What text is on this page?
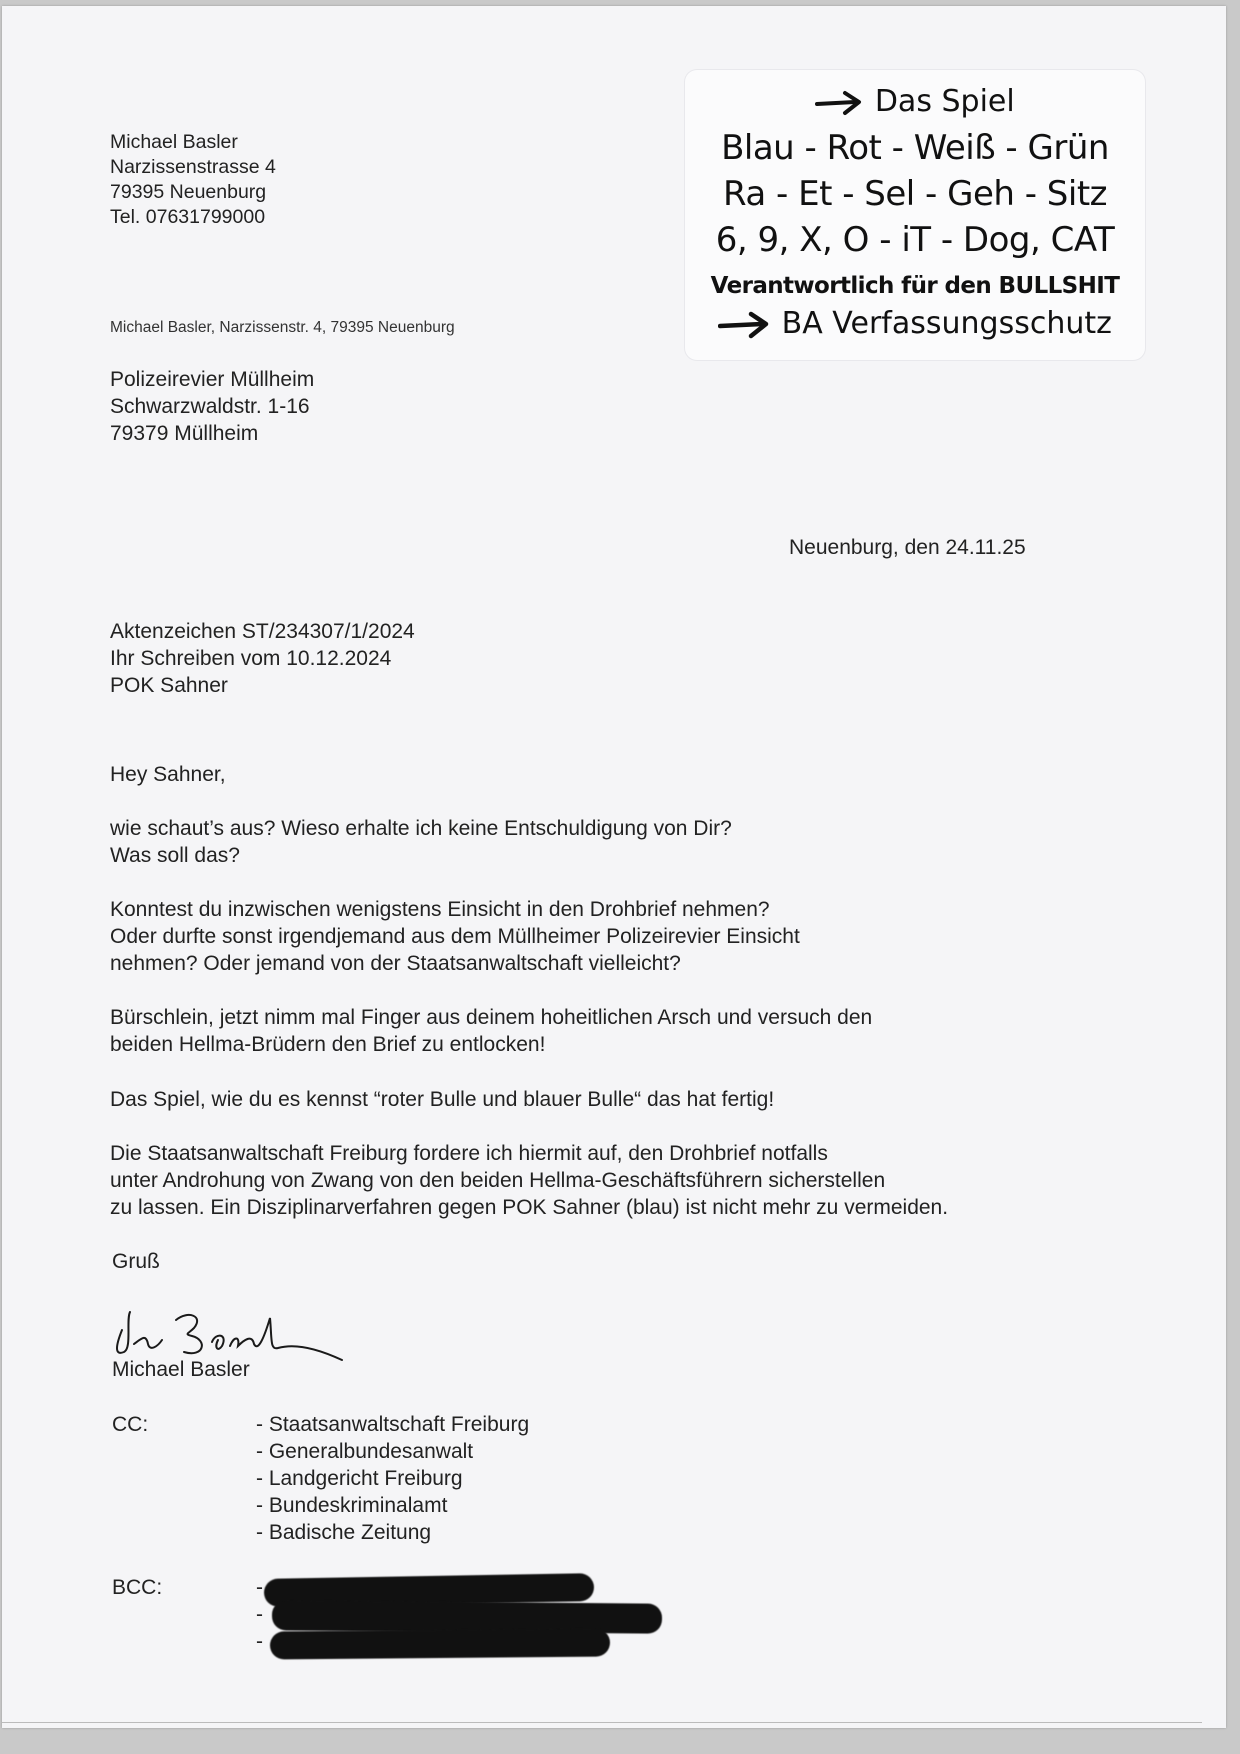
Michael Basler
Narzissenstrasse 4
79395 Neuenburg
Tel. 07631799000
Michael Basler, Narzissenstr. 4, 79395 Neuenburg
Polizeirevier Müllheim
Schwarzwaldstr. 1-16
79379 Müllheim
Das Spiel
Blau - Rot - Weiß - Grün
Ra - Et - Sel - Geh - Sitz
6, 9, X, O - iT - Dog, CAT
Verantwortlich für den BULLSHIT
BA Verfassungsschutz
Neuenburg, den 24.11.25
Aktenzeichen ST/234307/1/2024
Ihr Schreiben vom 10.12.2024
POK Sahner
Hey Sahner,
wie schaut’s aus? Wieso erhalte ich keine Entschuldigung von Dir?
Was soll das?
Konntest du inzwischen wenigstens Einsicht in den Drohbrief nehmen?
Oder durfte sonst irgendjemand aus dem Müllheimer Polizeirevier Einsicht
nehmen? Oder jemand von der Staatsanwaltschaft vielleicht?
Bürschlein, jetzt nimm mal Finger aus deinem hoheitlichen Arsch und versuch den
beiden Hellma-Brüdern den Brief zu entlocken!
Das Spiel, wie du es kennst “roter Bulle und blauer Bulle“ das hat fertig!
Die Staatsanwaltschaft Freiburg fordere ich hiermit auf, den Drohbrief notfalls
unter Androhung von Zwang von den beiden Hellma-Geschäftsführern sicherstellen
zu lassen. Ein Disziplinarverfahren gegen POK Sahner (blau) ist nicht mehr zu vermeiden.
Gruß
Michael Basler
CC:	- Staatsanwaltschaft Freiburg
- Generalbundesanwalt
- Landgericht Freiburg
- Bundeskriminalamt
- Badische Zeitung
BCC:	-
-
-
